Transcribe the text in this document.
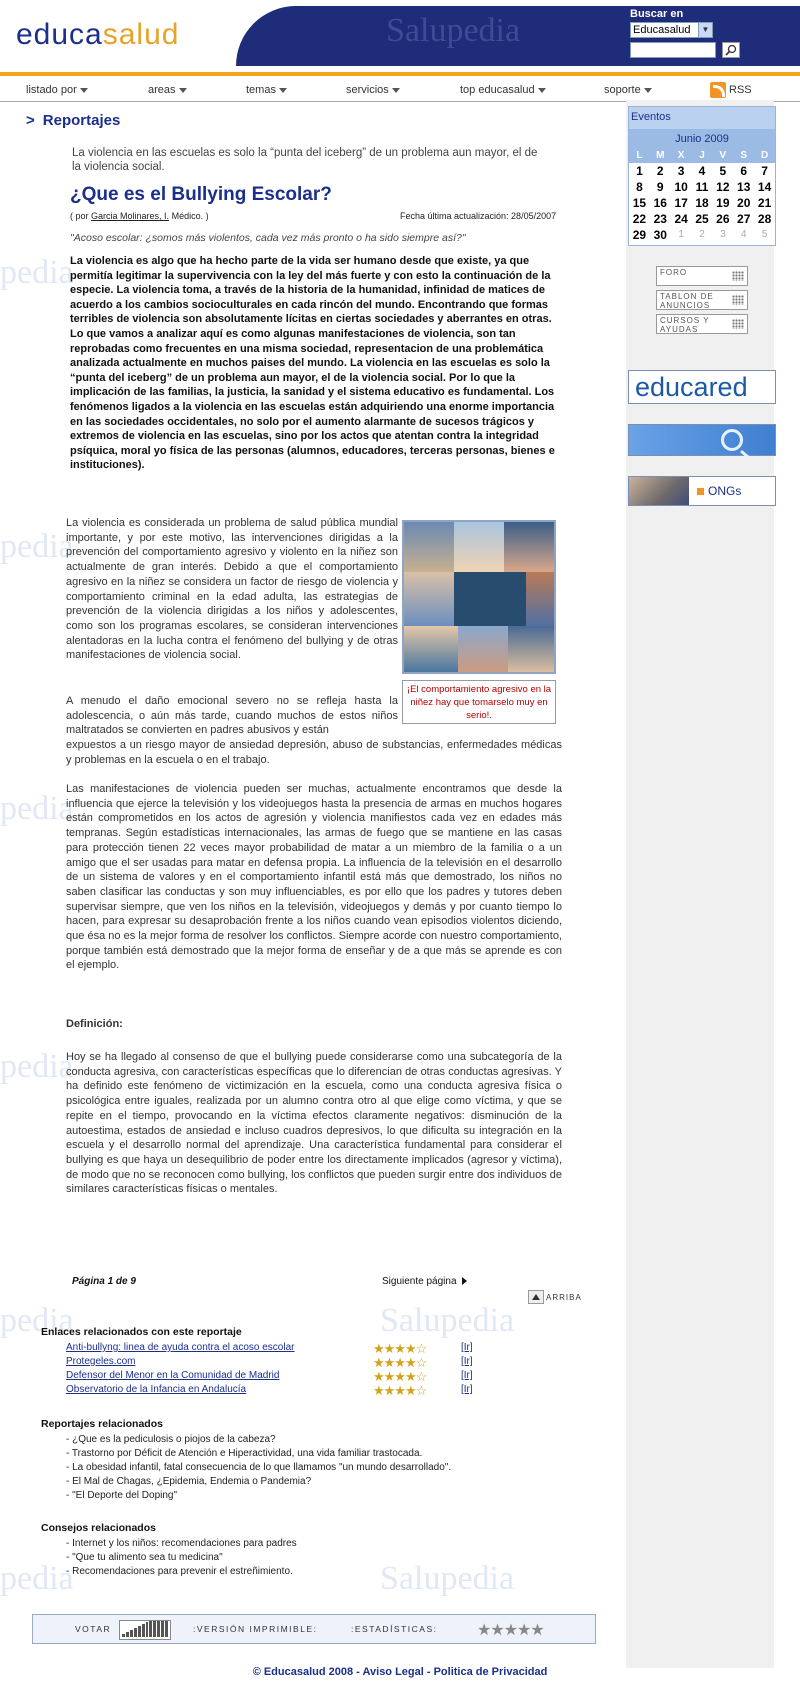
pedia
pedia
pedia
pedia
pedia
pedia
Salupedia
Salupedia
educasalud	Salupedia	Buscar en
Educasalud	▼
listado por	areas	temas	servicios	top educasalud	soporte	RSS
> Reportajes
La violencia en las escuelas es solo la “punta del iceberg” de un problema aun mayor, el de la violencia social.
¿Que es el Bullying Escolar?
( por Garcia Molinares, I. Médico. )	Fecha última actualización: 28/05/2007
"Acoso escolar: ¿somos más violentos, cada vez más pronto o ha sido siempre así?"
La violencia es algo que ha hecho parte de la vida ser humano desde que existe, ya que permitía legitimar la supervivencia con la ley del más fuerte y con esto la continuación de la especie. La violencia toma, a través de la historia de la humanidad, infinidad de matices de acuerdo a los cambios socioculturales en cada rincón del mundo. Encontrando que formas terribles de violencia son absolutamente lícitas en ciertas sociedades y aberrantes en otras. Lo que vamos a analizar aquí es como algunas manifestaciones de violencia, son tan reprobadas como frecuentes en una misma sociedad, representacion de una problemática analizada actualmente en muchos paises del mundo. La violencia en las escuelas es solo la “punta del iceberg” de un problema aun mayor, el de la violencia social. Por lo que la implicación de las familias, la justicia, la sanidad y el sistema educativo es fundamental. Los fenómenos ligados a la violencia en las escuelas están adquiriendo una enorme importancia en las sociedades occidentales, no solo por el aumento alarmante de sucesos trágicos y extremos de violencia en las escuelas, sino por los actos que atentan contra la integridad psíquica, moral yo física de las personas (alumnos, educadores, terceras personas, bienes e instituciones).
La violencia es considerada un problema de salud pública mundial importante, y por este motivo, las intervenciones dirigidas a la prevención del comportamiento agresivo y violento en la niñez son actualmente de gran interés. Debido a que el comportamiento agresivo en la niñez se considera un factor de riesgo de violencia y comportamiento criminal en la edad adulta, las estrategias de prevención de la violencia dirigidas a los niños y adolescentes, como son los programas escolares, se consideran intervenciones alentadoras en la lucha contra el fenómeno del bullying y de otras manifestaciones de violencia social.
¡El comportamiento agresivo en la niñez hay que tomarselo muy en serio!.
A menudo el daño emocional severo no se refleja hasta la adolescencia, o aún más tarde, cuando muchos de estos niños maltratados se convierten en padres abusivos y están
expuestos a un riesgo mayor de ansiedad depresión, abuso de substancias, enfermedades médicas y problemas en la escuela o en el trabajo.
Las manifestaciones de violencia pueden ser muchas, actualmente encontramos que desde la influencia que ejerce la televisión y los videojuegos hasta la presencia de armas en muchos hogares están comprometidos en los actos de agresión y violencia manifiestos cada vez en edades más tempranas. Según estadísticas internacionales, las armas de fuego que se mantiene en las casas para protección tienen 22 veces mayor probabilidad de matar a un miembro de la familia o a un amigo que el ser usadas para matar en defensa propia. La influencia de la televisión en el desarrollo de un sistema de valores y en el comportamiento infantil está más que demostrado, los niños no saben clasificar las conductas y son muy influenciables, es por ello que los padres y tutores deben supervisar siempre, que ven los niños en la televisión, videojuegos y demás y por cuanto tiempo lo hacen, para expresar su desaprobación frente a los niños cuando vean episodios violentos diciendo, que ésa no es la mejor forma de resolver los conflictos. Siempre acorde con nuestro comportamiento, porque también está demostrado que la mejor forma de enseñar y de a que más se aprende es con el ejemplo.
Definición:
Hoy se ha llegado al consenso de que el bullying puede considerarse como una subcategoría de la conducta agresiva, con características específicas que lo diferencian de otras conductas agresivas. Y ha definido este fenómeno de victimización en la escuela, como una conducta agresiva física o psicológica entre iguales, realizada por un alumno contra otro al que elige como víctima, y que se repite en el tiempo, provocando en la víctima efectos claramente negativos: disminución de la autoestima, estados de ansiedad e incluso cuadros depresivos, lo que dificulta su integración en la escuela y el desarrollo normal del aprendizaje. Una característica fundamental para considerar el bullying es que haya un desequilibrio de poder entre los directamente implicados (agresor y víctima), de modo que no se reconocen como bullying, los conflictos que pueden surgir entre dos individuos de similares características físicas o mentales.
Página 1 de 9	Siguiente página
ARRIBA
Enlaces relacionados con este reportaje
Anti-bullyng: linea de ayuda contra el acoso escolar	★★★★☆	[Ir]
Protegeles.com	★★★★☆	[Ir]
Defensor del Menor en la Comunidad de Madrid	★★★★☆	[Ir]
Observatorio de la Infancia en Andalucía	★★★★☆	[Ir]
Reportajes relacionados
- ¿Que es la pediculosis o piojos de la cabeza?
- Trastorno por Déficit de Atención e Hiperactividad, una vida familiar trastocada.
- La obesidad infantil, fatal consecuencia de lo que llamamos "un mundo desarrollado".
- El Mal de Chagas, ¿Epidemia, Endemia o Pandemia?
- "El Deporte del Doping"
Consejos relacionados
- Internet y los niños: recomendaciones para padres
- "Que tu alimento sea tu medicina"
- Recomendaciones para prevenir el estreñimiento.
VOTAR	:VERSIÓN IMPRIMIBLE:	:ESTADÍSTICAS: ★★★★★
© Educasalud 2008 - Aviso Legal - Politica de Privacidad
Eventos
Junio 2009
L	M	X	J	V	S	D
1	2	3	4	5	6	7
8	9 10 11 12 13 14
15 16 17 18 19 20 21
22 23 24 25 26 27 28
29 30	1	2	3	4	5
FORO
TABLON DE ANUNCIOS
CURSOS Y AYUDAS
educared
ONGs
